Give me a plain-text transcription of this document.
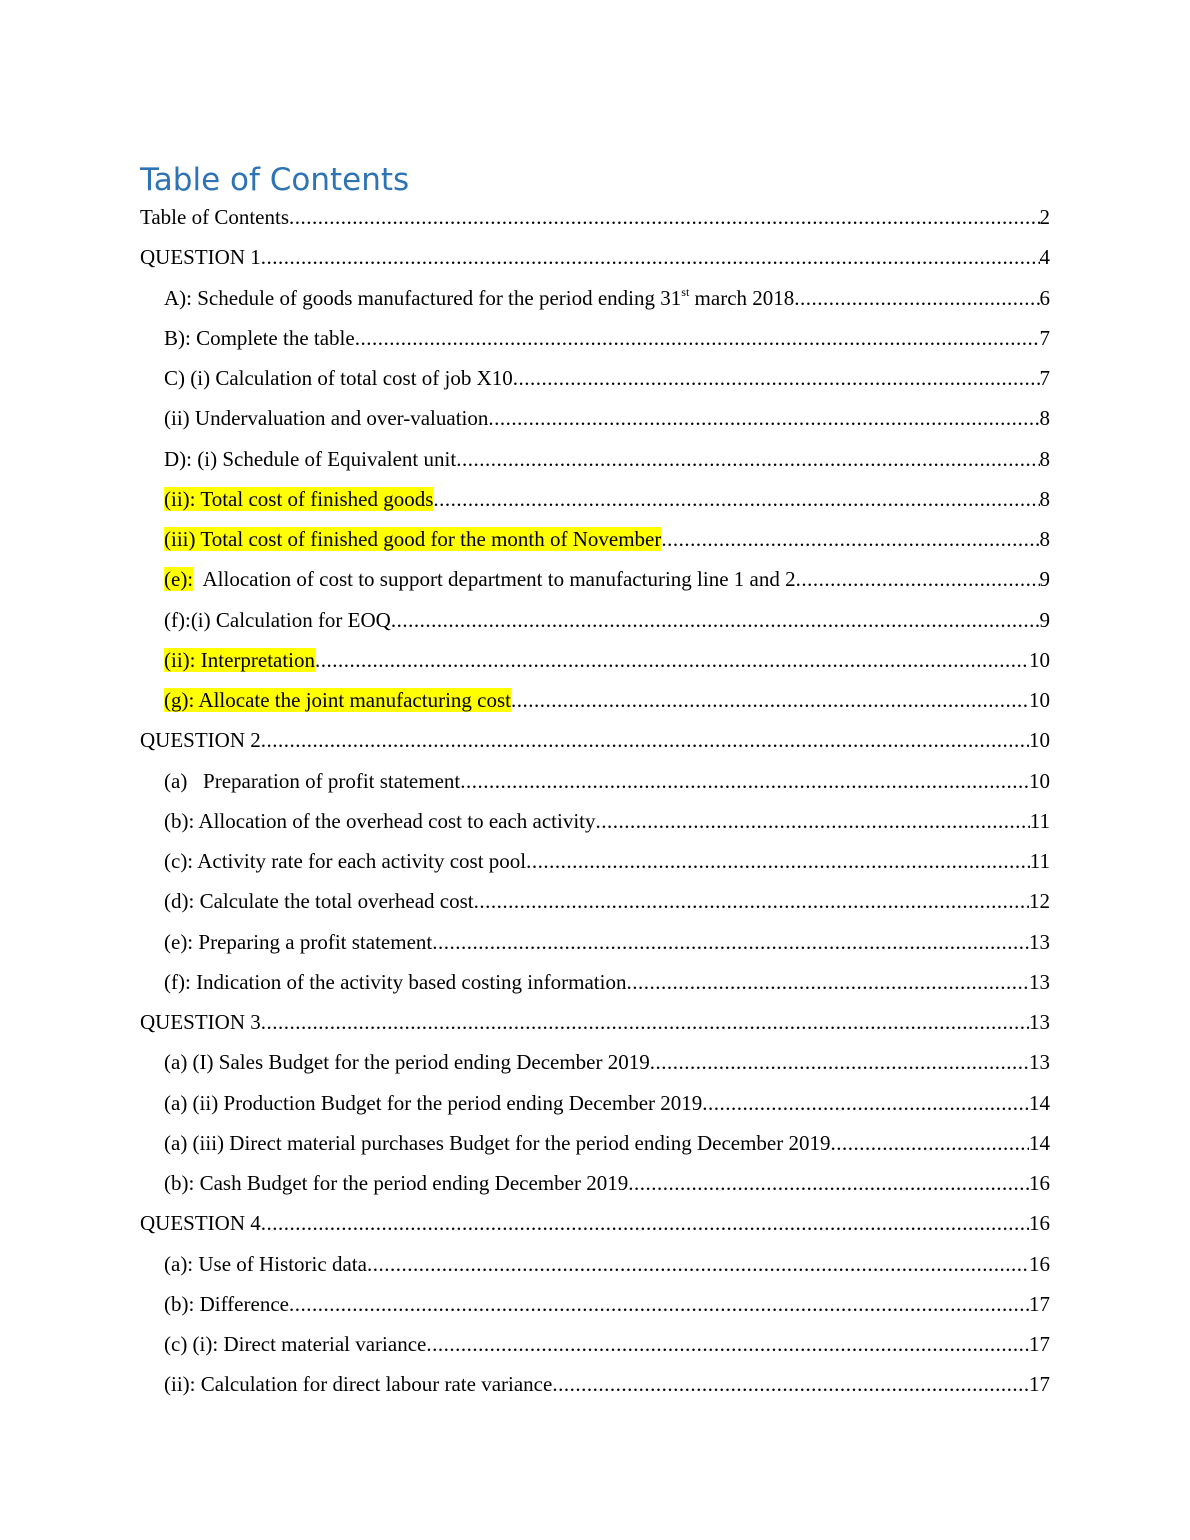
Table of Contents
Table of Contents .....	2
QUESTION 1 .....	4
A): Schedule of goods manufactured for the period ending 31st march 2018 .....	6
B): Complete the table .....	7
C) (i) Calculation of total cost of job X10 .....	7
(ii) Undervaluation and over-valuation .....	8
D): (i) Schedule of Equivalent unit .....	8
(ii): Total cost of finished goods .....	8
(iii) Total cost of finished good for the month of November .....	8
(e):  Allocation of cost to support department to manufacturing line 1 and 2 .....	9
(f):(i) Calculation for EOQ .....	9
(ii): Interpretation .....	10
(g): Allocate the joint manufacturing cost .....	10
QUESTION 2 .....	10
(a)   Preparation of profit statement .....	10
(b): Allocation of the overhead cost to each activity .....	11
(c): Activity rate for each activity cost pool .....	11
(d): Calculate the total overhead cost .....	12
(e): Preparing a profit statement .....	13
(f): Indication of the activity based costing information .....	13
QUESTION 3 .....	13
(a) (I) Sales Budget for the period ending December 2019 .....	13
(a) (ii) Production Budget for the period ending December 2019 .....	14
(a) (iii) Direct material purchases Budget for the period ending December 2019 .....	14
(b): Cash Budget for the period ending December 2019 .....	16
QUESTION 4 .....	16
(a): Use of Historic data .....	16
(b): Difference .....	17
(c) (i): Direct material variance .....	17
(ii): Calculation for direct labour rate variance .....	17
